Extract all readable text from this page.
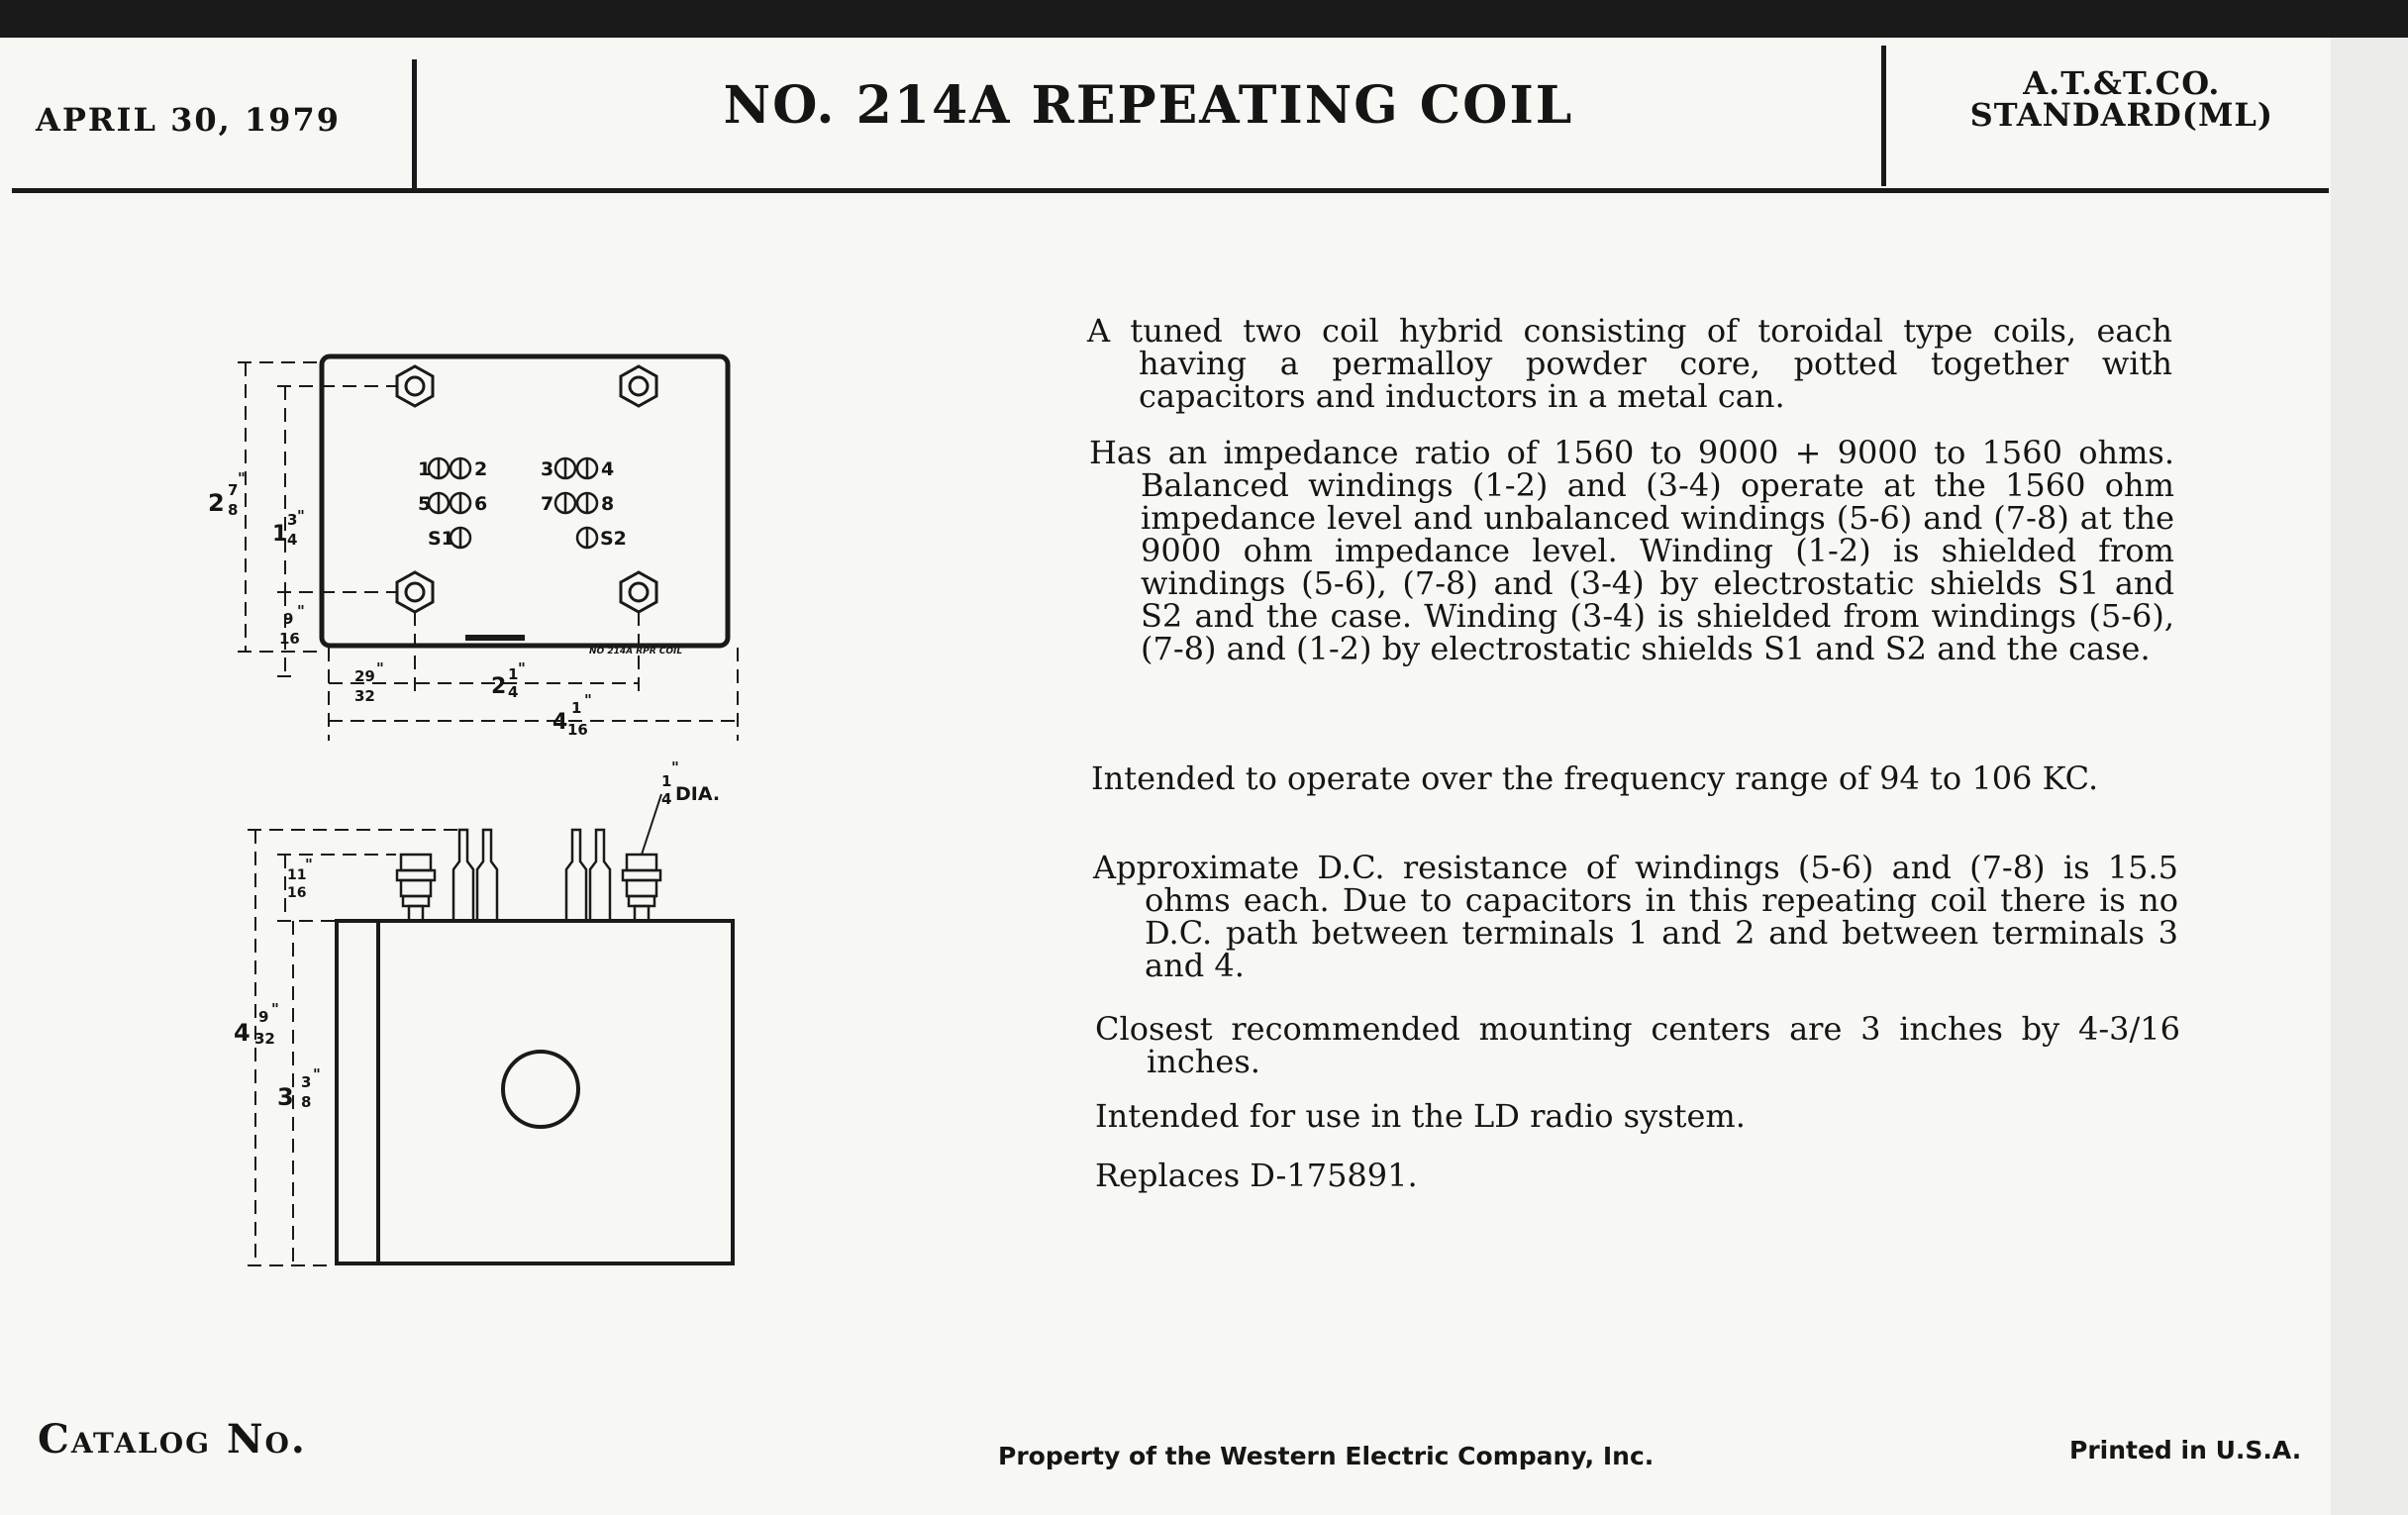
APRIL 30, 1979	NO. 214A REPEATING COIL	A.T.&T.CO.
STANDARD(ML)
1 2	3	4
5 6	7	8
S1	S2
NO 214A RPR COIL
2 7
8
"
1
3
4
"
9
16
"
29
32
"
2 1
4
"
4
1
16
"
1
4
"
DIA.
11
16
"
4
9
32
"
3
3
8
"

A tuned two coil hybrid consisting of toroidal type coils, each having a permalloy powder core, potted together with capacitors and inductors in a metal can.

Has an impedance ratio of 1560 to 9000 + 9000 to 1560 ohms. Balanced windings (1-2) and (3-4) operate at the 1560 ohm impedance level and unbalanced windings (5-6) and (7-8) at the 9000 ohm impedance level. Winding (1-2) is shielded from windings (5-6), (7-8) and (3-4) by electrostatic shields S1 and S2 and the case. Winding (3-4) is shielded from windings (5-6), (7-8) and (1-2) by electrostatic shields S1 and S2 and the case.

Intended to operate over the frequency range of 94 to 106 KC.

Approximate D.C. resistance of windings (5-6) and (7-8) is 15.5 ohms each. Due to capacitors in this repeating coil there is no D.C. path between terminals 1 and 2 and between terminals 3 and 4.

Closest recommended mounting centers are 3 inches by 4-3/16 inches.

Intended for use in the LD radio system.

Replaces D-175891.

Catalog No.	Property of the Western Electric Company, Inc.	Printed in U.S.A.
